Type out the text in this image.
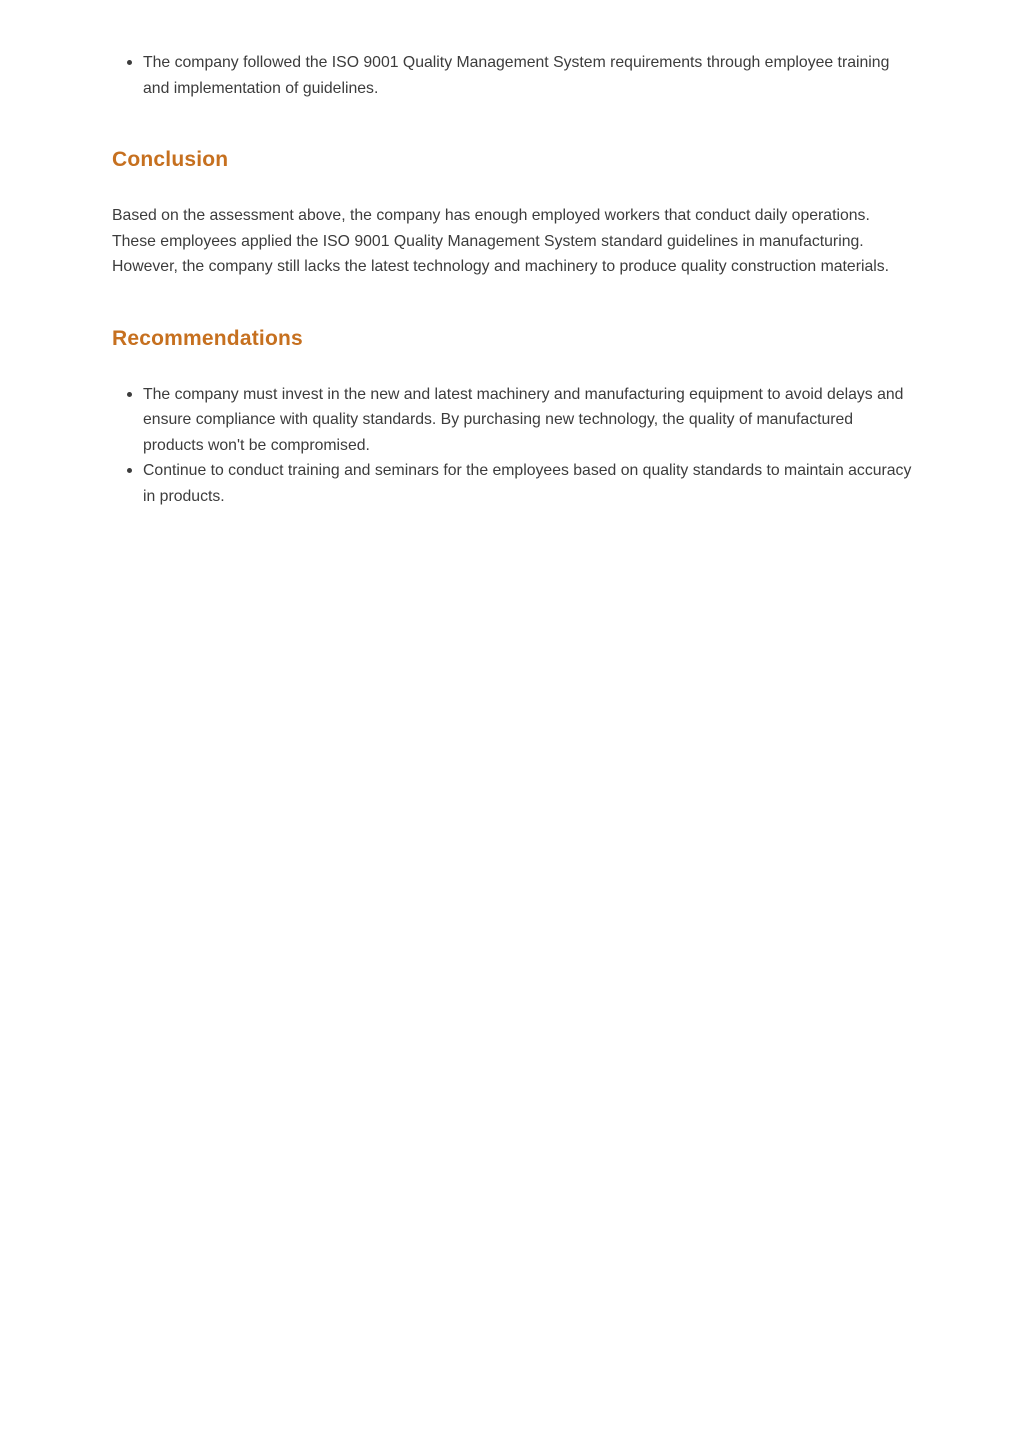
The company followed the ISO 9001 Quality Management System requirements through employee training and implementation of guidelines.
Conclusion

Based on the assessment above, the company has enough employed workers that conduct daily operations. These employees applied the ISO 9001 Quality Management System standard guidelines in manufacturing. However, the company still lacks the latest technology and machinery to produce quality construction materials.

Recommendations
The company must invest in the new and latest machinery and manufacturing equipment to avoid delays and ensure compliance with quality standards. By purchasing new technology, the quality of manufactured products won't be compromised.
Continue to conduct training and seminars for the employees based on quality standards to maintain accuracy in products.
